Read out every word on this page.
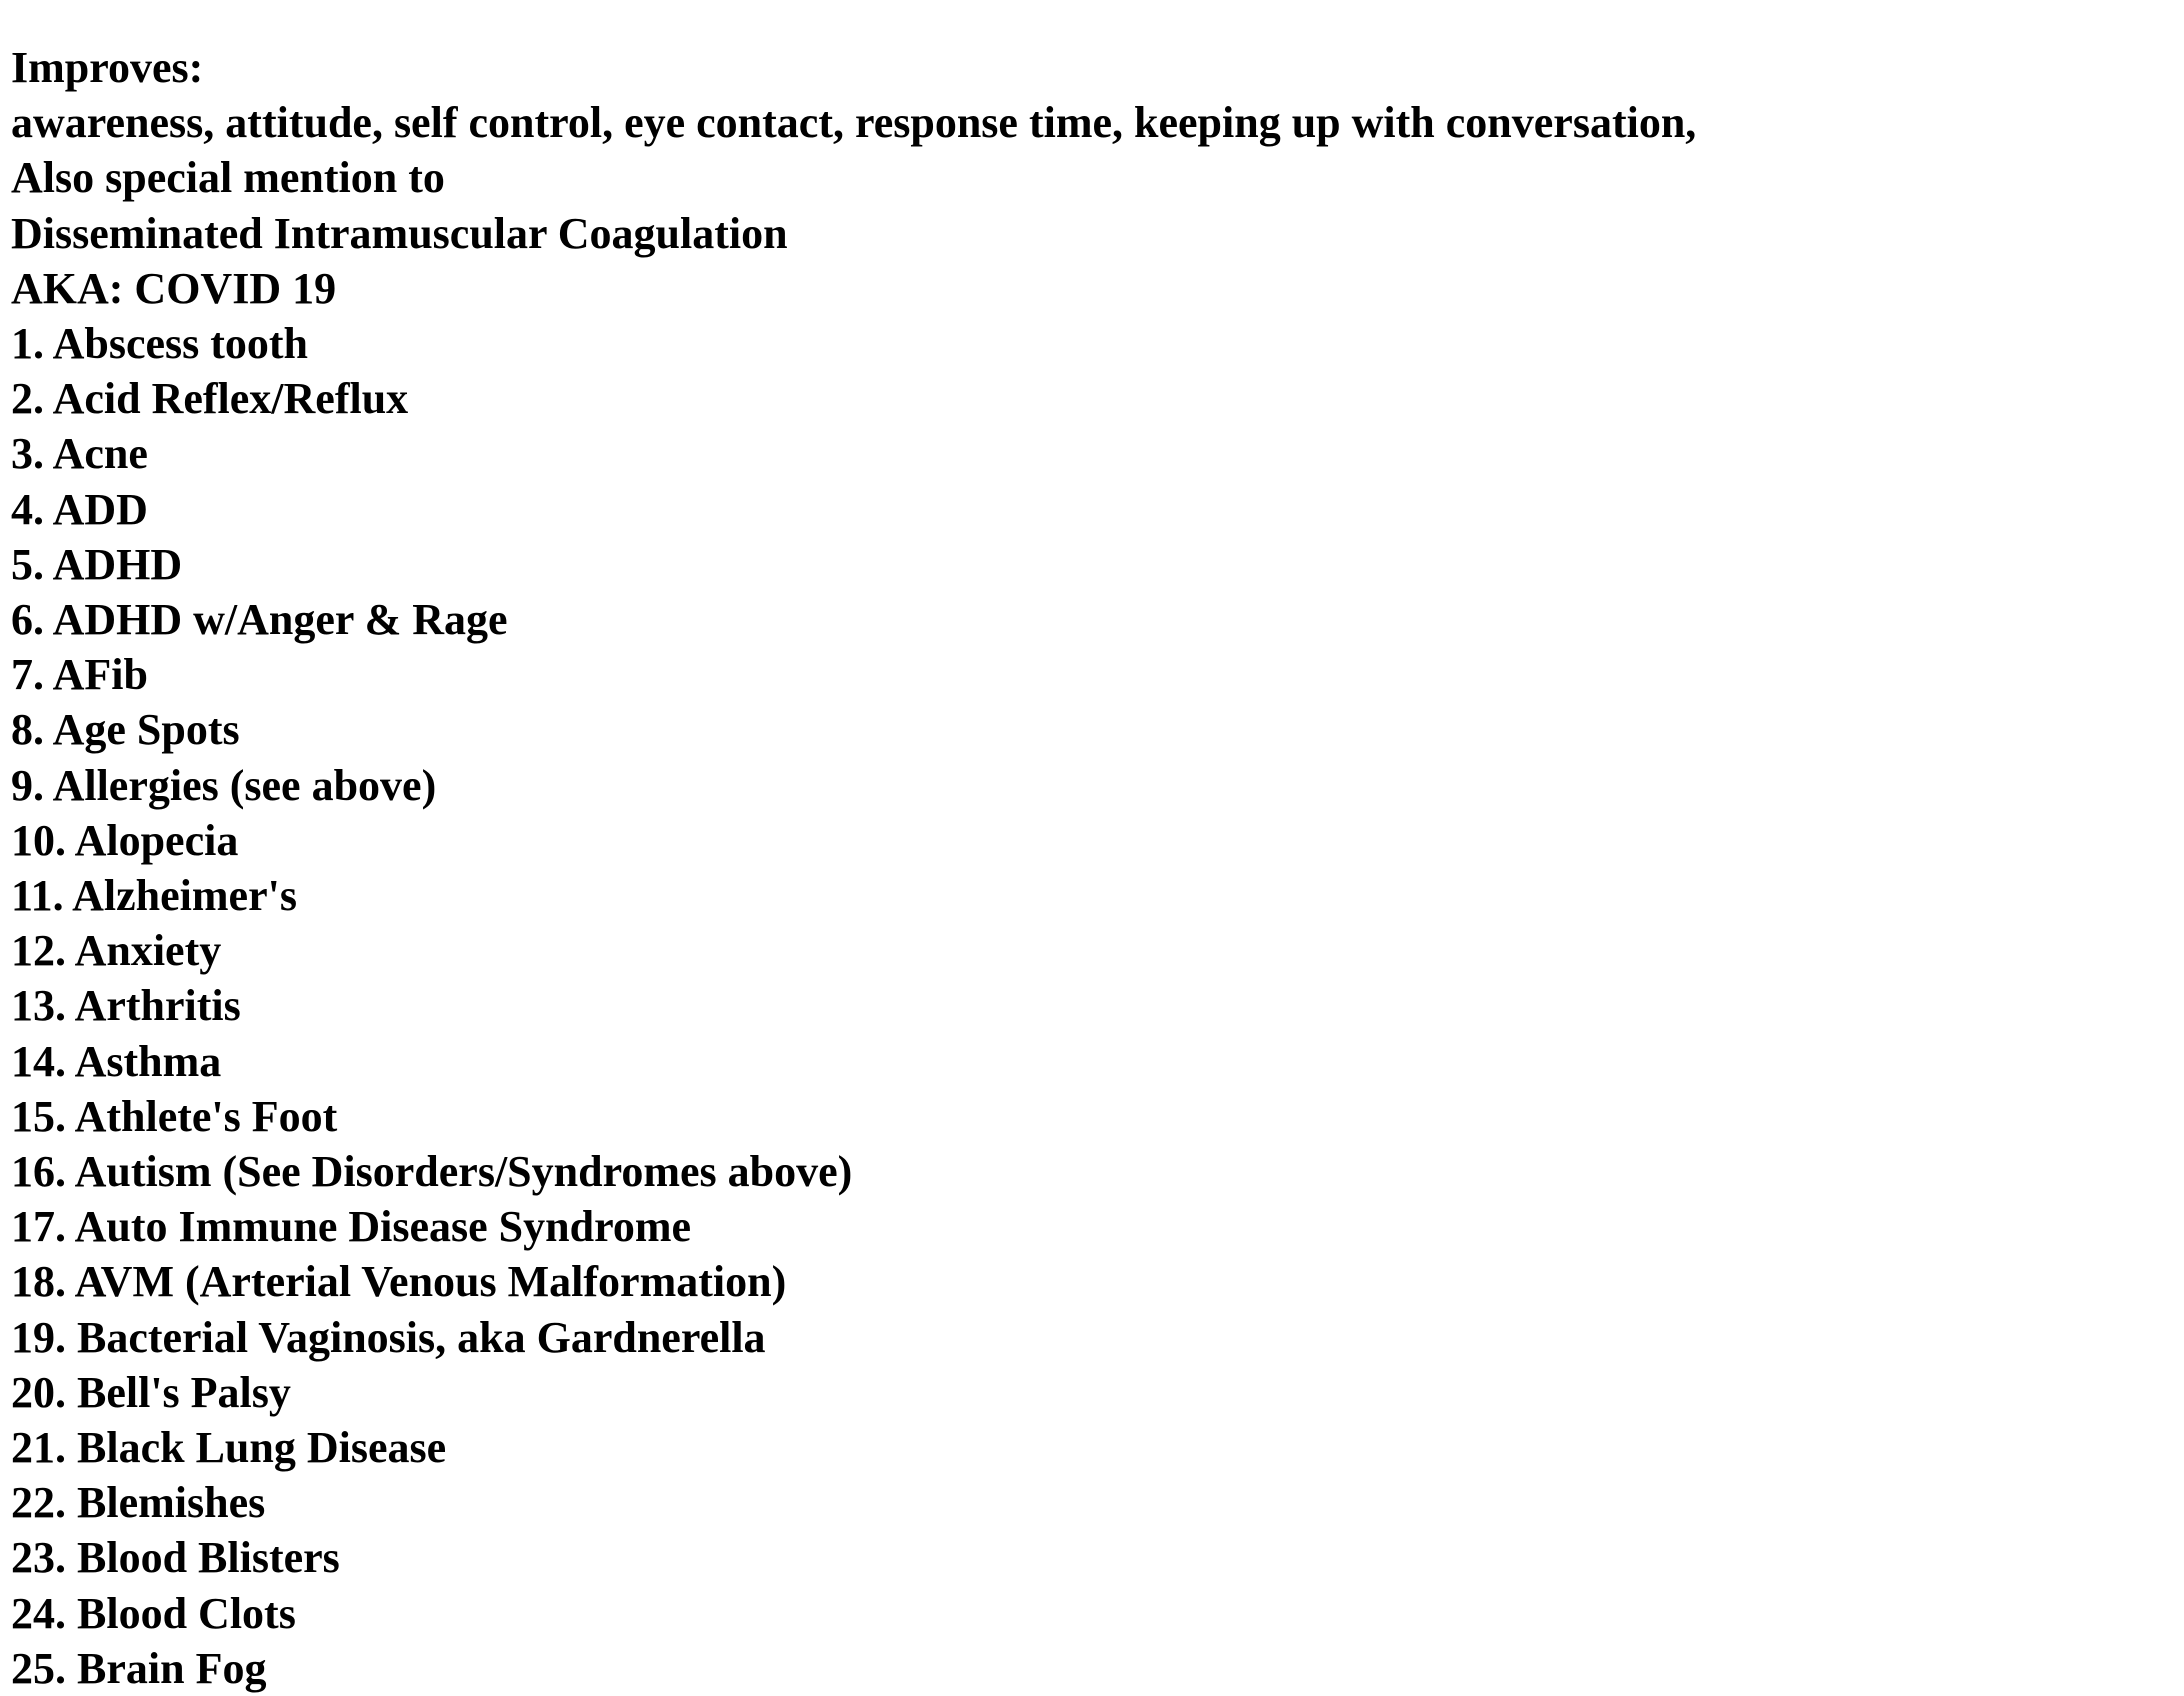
Improves:

awareness, attitude, self control, eye contact, response time, keeping up with conversation,

Also special mention to

Disseminated Intramuscular Coagulation

AKA: COVID 19

1. Abscess tooth
2. Acid Reflex/Reflux
3. Acne
4. ADD
5. ADHD
6. ADHD w/Anger & Rage
7. AFib
8. Age Spots
9. Allergies (see above)
10. Alopecia
11. Alzheimer's
12. Anxiety
13. Arthritis
14. Asthma
15. Athlete's Foot
16. Autism (See Disorders/Syndromes above)
17. Auto Immune Disease Syndrome
18. AVM (Arterial Venous Malformation)
19. Bacterial Vaginosis, aka Gardnerella
20. Bell's Palsy
21. Black Lung Disease
22. Blemishes
23. Blood Blisters
24. Blood Clots
25. Brain Fog
